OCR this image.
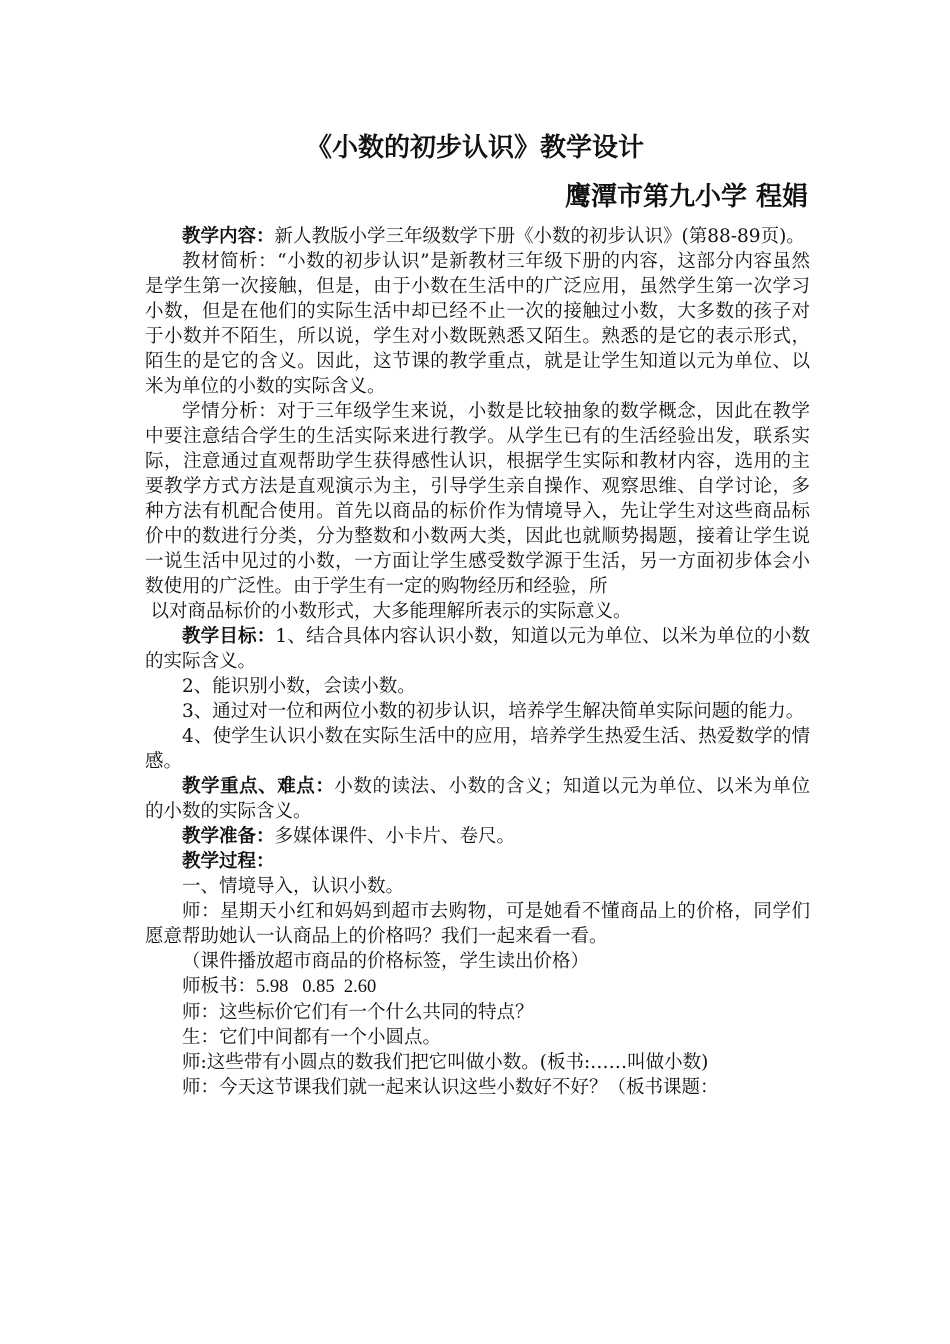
《小数的初步认识》教学设计
鹰潭市第九小学 程娟

教学内容：新人教版小学三年级数学下册《小数的初步认识》(第88-89页)。

教材简析：“小数的初步认识”是新教材三年级下册的内容，这部分内容虽然是学生第一次接触，但是，由于小数在生活中的广泛应用，虽然学生第一次学习小数，但是在他们的实际生活中却已经不止一次的接触过小数，大多数的孩子对于小数并不陌生，所以说，学生对小数既熟悉又陌生。熟悉的是它的表示形式，陌生的是它的含义。因此，这节课的教学重点，就是让学生知道以元为单位、以米为单位的小数的实际含义。

学情分析：对于三年级学生来说，小数是比较抽象的数学概念，因此在教学中要注意结合学生的生活实际来进行教学。从学生已有的生活经验出发，联系实际，注意通过直观帮助学生获得感性认识，根据学生实际和教材内容，选用的主要教学方式方法是直观演示为主，引导学生亲自操作、观察思维、自学讨论，多种方法有机配合使用。首先以商品的标价作为情境导入，先让学生对这些商品标价中的数进行分类，分为整数和小数两大类，因此也就顺势揭题，接着让学生说一说生活中见过的小数，一方面让学生感受数学源于生活，另一方面初步体会小数使用的广泛性。由于学生有一定的购物经历和经验，所

以对商品标价的小数形式，大多能理解所表示的实际意义。

教学目标：1、结合具体内容认识小数，知道以元为单位、以米为单位的小数的实际含义。

2、能识别小数，会读小数。

3、通过对一位和两位小数的初步认识，培养学生解决简单实际问题的能力。

4、使学生认识小数在实际生活中的应用，培养学生热爱生活、热爱数学的情感。

教学重点、难点：小数的读法、小数的含义；知道以元为单位、以米为单位的小数的实际含义。

教学准备：多媒体课件、小卡片、卷尺。

教学过程：

一、情境导入，认识小数。

师：星期天小红和妈妈到超市去购物，可是她看不懂商品上的价格，同学们愿意帮助她认一认商品上的价格吗？我们一起来看一看。

（课件播放超市商品的价格标签，学生读出价格）

师板书：5.98   0.85  2.60

师：这些标价它们有一个什么共同的特点？

生：它们中间都有一个小圆点。

师:这些带有小圆点的数我们把它叫做小数。(板书:……叫做小数)

师：今天这节课我们就一起来认识这些小数好不好？（板书课题：
